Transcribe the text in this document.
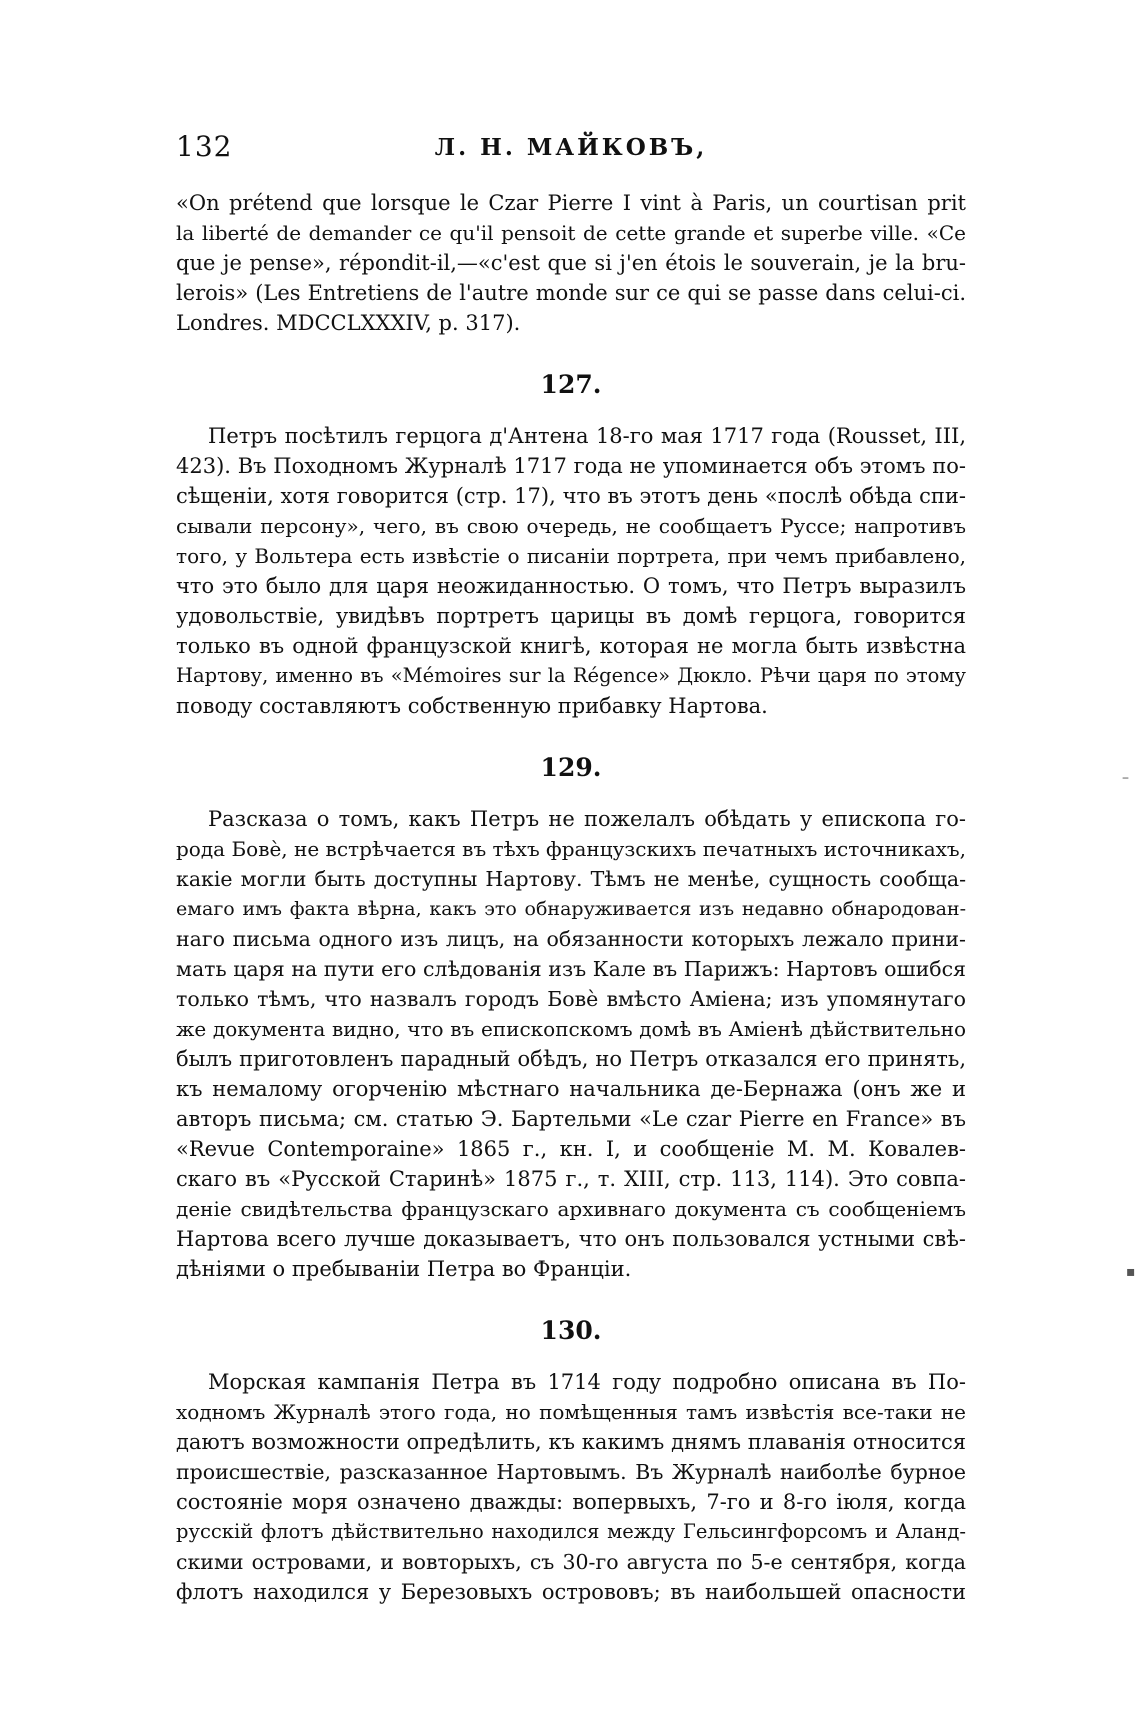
132	Л. Н. МАЙКОВЪ,
«On prétend que lorsque le Czar Pierre I vint à Paris, un courtisan prit
la liberté de demander ce qu'il pensoit de cette grande et superbe ville. «Ce
que je pense», répondit-il,—«c'est que si j'en étois le souverain, je la bru-
lerois» (Les Entretiens de l'autre monde sur ce qui se passe dans celui-ci.
Londres. MDCCLXXXIV, p. 317).
127.
Петръ посѣтилъ герцога д'Антена 18-го мая 1717 года (Rousset, III,
423). Въ Походномъ Журналѣ 1717 года не упоминается объ этомъ по-
сѣщеніи, хотя говорится (стр. 17), что въ этотъ день «послѣ обѣда спи-
сывали персону», чего, въ свою очередь, не сообщаетъ Руссе; напротивъ
того, у Вольтера есть извѣстіе о писаніи портрета, при чемъ прибавлено,
что это было для царя неожиданностью. О томъ, что Петръ выразилъ
удовольствіе, увидѣвъ портретъ царицы въ домѣ герцога, говорится
только въ одной французской книгѣ, которая не могла быть извѣстна
Нартову, именно въ «Mémoires sur la Régence» Дюкло. Рѣчи царя по этому
поводу составляютъ собственную прибавку Нартова.
129.
Разсказа о томъ, какъ Петръ не пожелалъ обѣдать у епископа го-
рода Бовè, не встрѣчается въ тѣхъ французскихъ печатныхъ источникахъ,
какіе могли быть доступны Нартову. Тѣмъ не менѣе, сущность сообща-
емаго имъ факта вѣрна, какъ это обнаруживается изъ недавно обнародован-
наго письма одного изъ лицъ, на обязанности которыхъ лежало прини-
мать царя на пути его слѣдованія изъ Кале въ Парижъ: Нартовъ ошибся
только тѣмъ, что назвалъ городъ Бовè вмѣсто Аміена; изъ упомянутаго
же документа видно, что въ епископскомъ домѣ въ Аміенѣ дѣйствительно
былъ приготовленъ парадный обѣдъ, но Петръ отказался его принять,
къ немалому огорченію мѣстнаго начальника де-Бернажа (онъ же и
авторъ письма; см. статью Э. Бартельми «Le czar Pierre en France» въ
«Revue Contemporaine» 1865 г., кн. I, и сообщеніе М. М. Ковалев-
скаго въ «Русской Старинѣ» 1875 г., т. XIII, стр. 113, 114). Это совпа-
деніе свидѣтельства французскаго архивнаго документа съ сообщеніемъ
Нартова всего лучше доказываетъ, что онъ пользовался устными свѣ-
дѣніями о пребываніи Петра во Франціи.
130.
Морская кампанія Петра въ 1714 году подробно описана въ По-
ходномъ Журналѣ этого года, но помѣщенныя тамъ извѣстія все-таки не
даютъ возможности опредѣлить, къ какимъ днямъ плаванія относится
происшествіе, разсказанное Нартовымъ. Въ Журналѣ наиболѣе бурное
состояніе моря означено дважды: вопервыхъ, 7-го и 8-го іюля, когда
русскій флотъ дѣйствительно находился между Гельсингфорсомъ и Аланд-
скими островами, и вовторыхъ, съ 30-го августа по 5-е сентября, когда
флотъ находился у Березовыхъ острововъ; въ наибольшей опасности
–
▪
